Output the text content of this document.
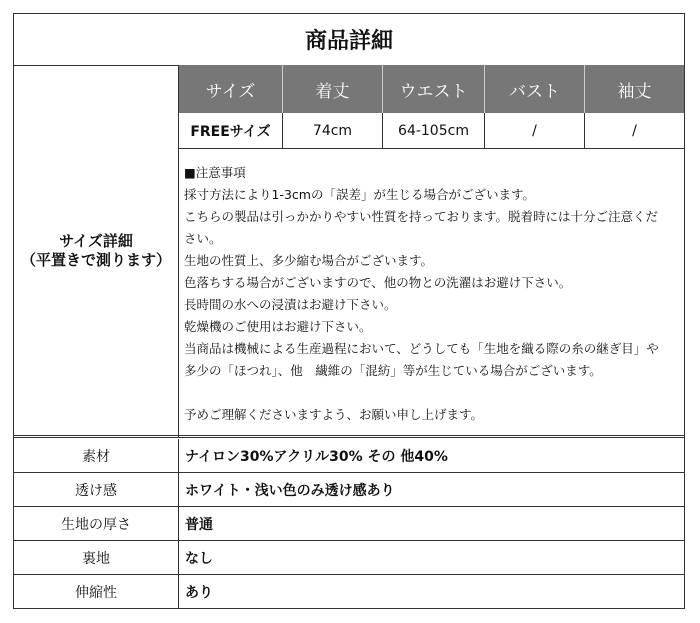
商品詳細
サイズ詳細
（平置きで測ります）
サイズ	着丈	ウエスト	バスト	袖丈
FREEサイズ	74cm	64-105cm	/	/
■注意事項
採寸方法により1-3cmの「誤差」が生じる場合がございます。
こちらの製品は引っかかりやすい性質を持っております。脱着時には十分ご注意くだ
さい。
生地の性質上、多少縮む場合がございます。
色落ちする場合がございますので、他の物との洗濯はお避け下さい。
長時間の水への浸漬はお避け下さい。
乾燥機のご使用はお避け下さい。
当商品は機械による生産過程において、どうしても「生地を織る際の糸の継ぎ目」や
多少の「ほつれ」、他　繊維の「混紡」等が生じている場合がございます。
予めご理解くださいますよう、お願い申し上げます。
素材	ナイロン30%アクリル30% その 他40%
透け感	ホワイト・浅い色のみ透け感あり
生地の厚さ	普通
裏地	なし
伸縮性	あり
